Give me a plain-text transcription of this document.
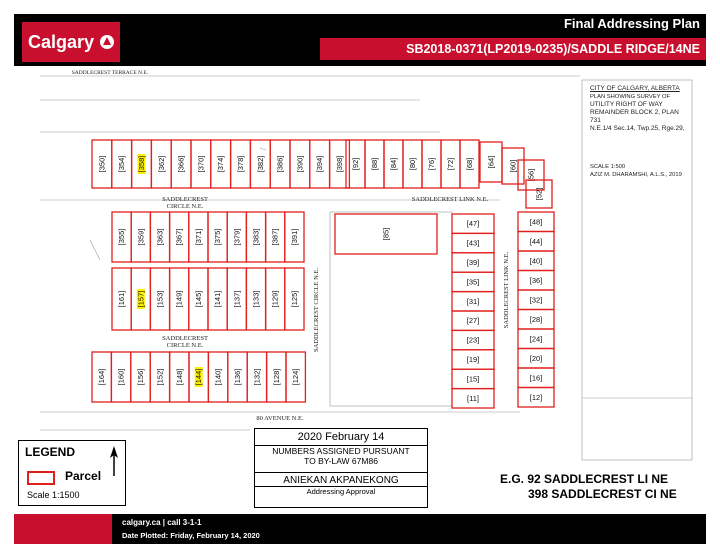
Calgary
Final Addressing Plan
SB2018-0371(LP2019-0235)/SADDLE RIDGE/14NE
SADDLECREST TERRACE N.E.
SADDLECREST
CIRCLE N.E.
SADDLECREST
CIRCLE N.E.	SADDLECREST CIRCLE N.E.
SADDLECREST LINK N.E.
SADDLECREST LINK N.E.
80 AVENUE N.E.
[350] [354] [358] [362] [366] [370] [374] [378] [382] [386] [390] [394] [398] [92] [88] [84] [80] [76] [72] [68] [64] [60]
[56]
[52]
[355] [359] [363] [367] [371] [375] [379] [383] [387] [391]
[161] [157] [153] [149] [145] [141] [137] [133] [129] [125]
[164] [160] [156] [152] [148] [144] [140] [136] [132] [128] [124]
[85]
[47]
[43]
[39]
[35]
[31]
[27]
[23]
[19]
[15]
[11]
[48]
[44]
[40]
[36]
[32]
[28]
[24]
[20]
[16]
[12]
CITY OF CALGARY, ALBERTA
PLAN SHOWING SURVEY OF
UTILITY RIGHT OF WAY
REMAINDER BLOCK 2, PLAN 731
N.E.1/4 Sec.14, Twp.25, Rge.29,
SCALE 1:500
AZIZ M. DHARAMSHI, A.L.S., 2019
calgary.ca | call 3-1-1
Date Plotted: Friday, February 14, 2020
LEGEND
Parcel
Scale 1:1500
2020 February 14
NUMBERS ASSIGNED PURSUANT
TO BY-LAW 67M86
ANIEKAN AKPANEKONG
Addressing Approval
E.G. 92 SADDLECREST LI NE
398 SADDLECREST CI NE
